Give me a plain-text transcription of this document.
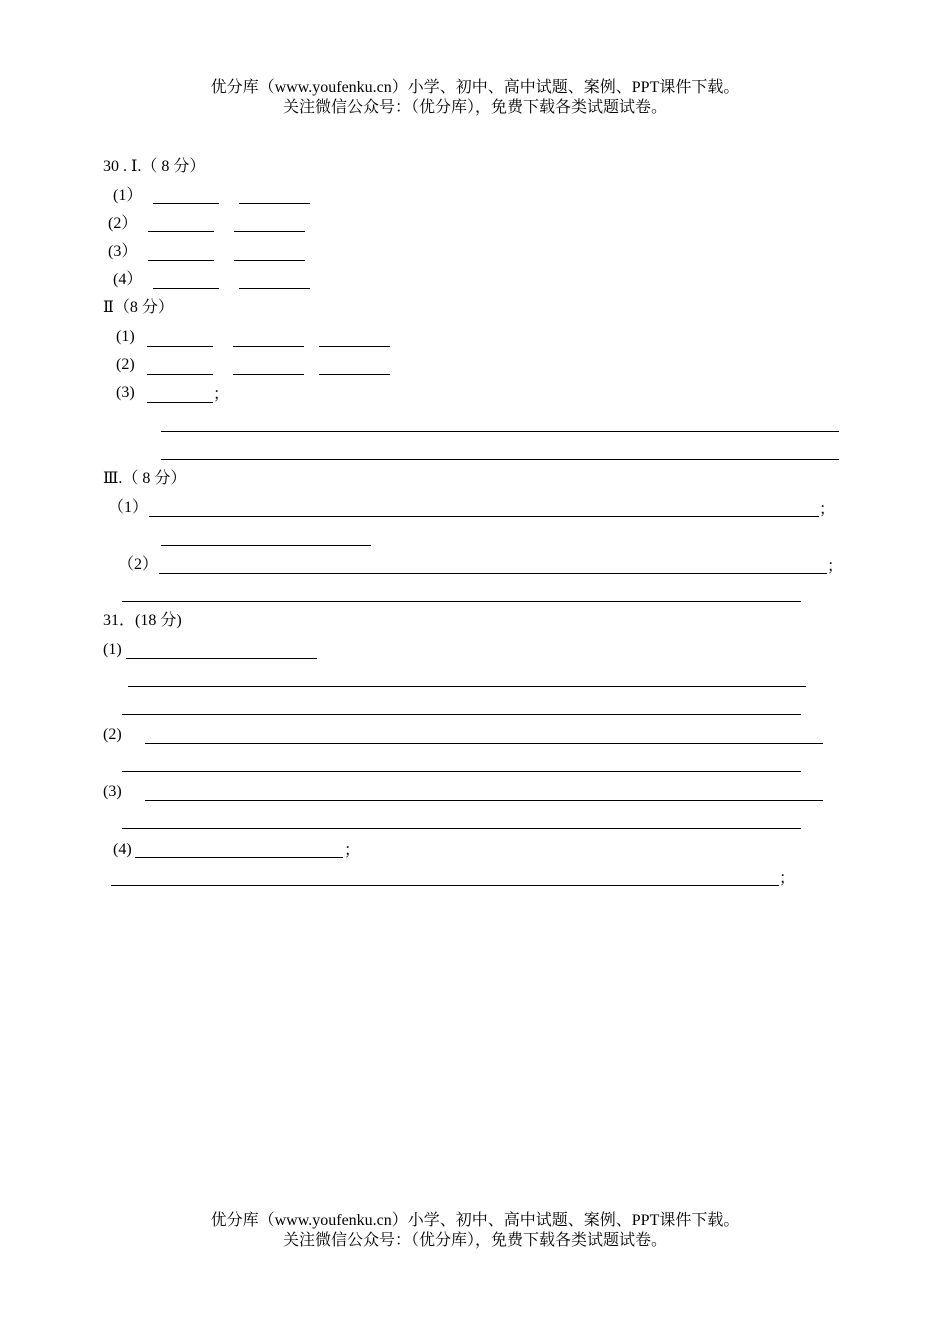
优分库（www.youfenku.cn）小学、初中、高中试题、案例、PPT课件下载。
关注微信公众号：（优分库），免费下载各类试题试卷。
30 . Ⅰ.（ 8 分）
(1）
(2）
(3）
(4）
Ⅱ（8 分）
(1)
(2)
(3)	；
Ⅲ.（ 8 分）
（1）	；
（2）	；
31．(18 分)
(1)
(2)
(3)
(4)	；
；
优分库（www.youfenku.cn）小学、初中、高中试题、案例、PPT课件下载。
关注微信公众号：（优分库），免费下载各类试题试卷。
